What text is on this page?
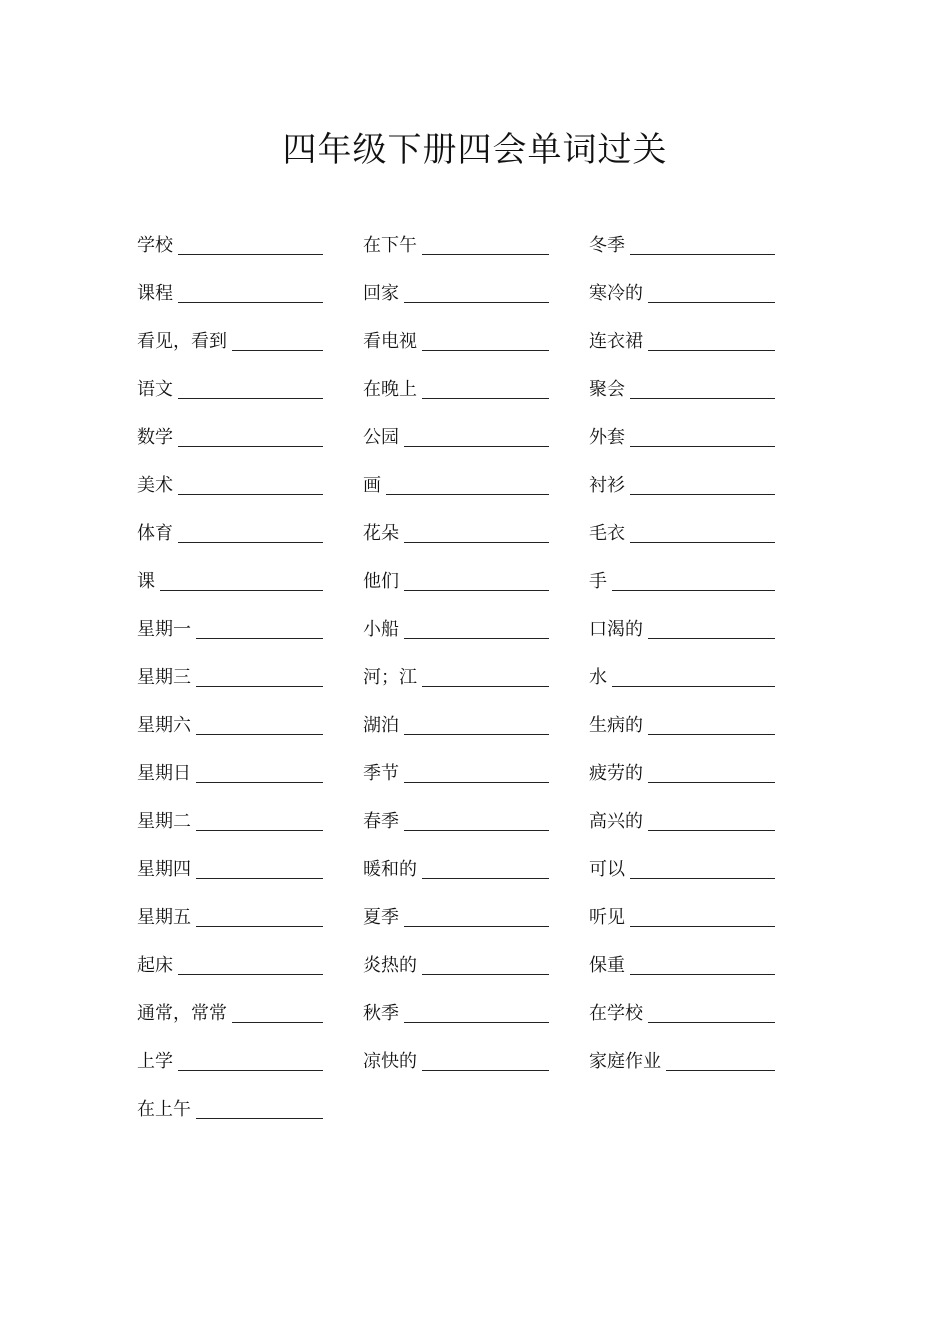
四年级下册四会单词过关
学校
课程
看见，看到
语文
数学
美术
体育
课
星期一
星期三
星期六
星期日
星期二
星期四
星期五
起床
通常，常常
上学
在上午
在下午
回家
看电视
在晚上
公园
画
花朵
他们
小船
河；江
湖泊
季节
春季
暖和的
夏季
炎热的
秋季
凉快的
冬季
寒冷的
连衣裙
聚会
外套
衬衫
毛衣
手
口渴的
水
生病的
疲劳的
高兴的
可以
听见
保重
在学校
家庭作业
